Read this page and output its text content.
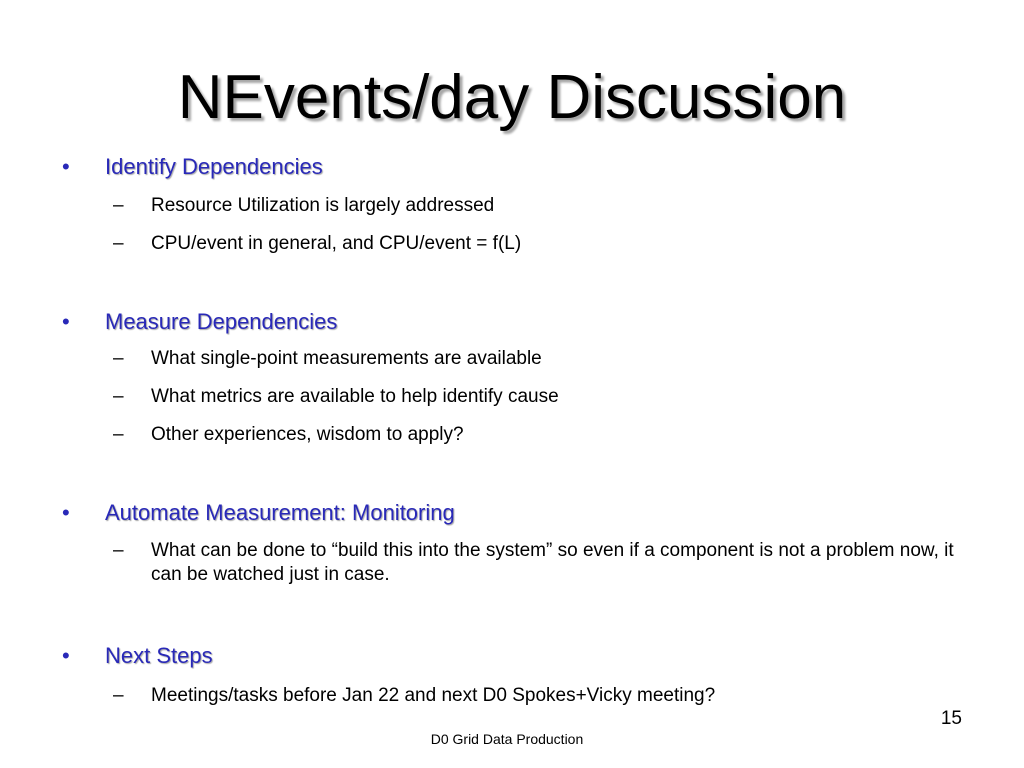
NEvents/day Discussion
•	Identify Dependencies
– Resource Utilization is largely addressed
– CPU/event in general, and CPU/event = f(L)
•	Measure Dependencies
– What single-point measurements are available
– What metrics are available to help identify cause
– Other experiences, wisdom to apply?
•	Automate Measurement: Monitoring
– What can be done to “build this into the system” so even if a component is not a problem now, it can be watched just in case.
•	Next Steps
– Meetings/tasks before Jan 22 and next D0 Spokes+Vicky meeting?
15
D0 Grid Data Production
